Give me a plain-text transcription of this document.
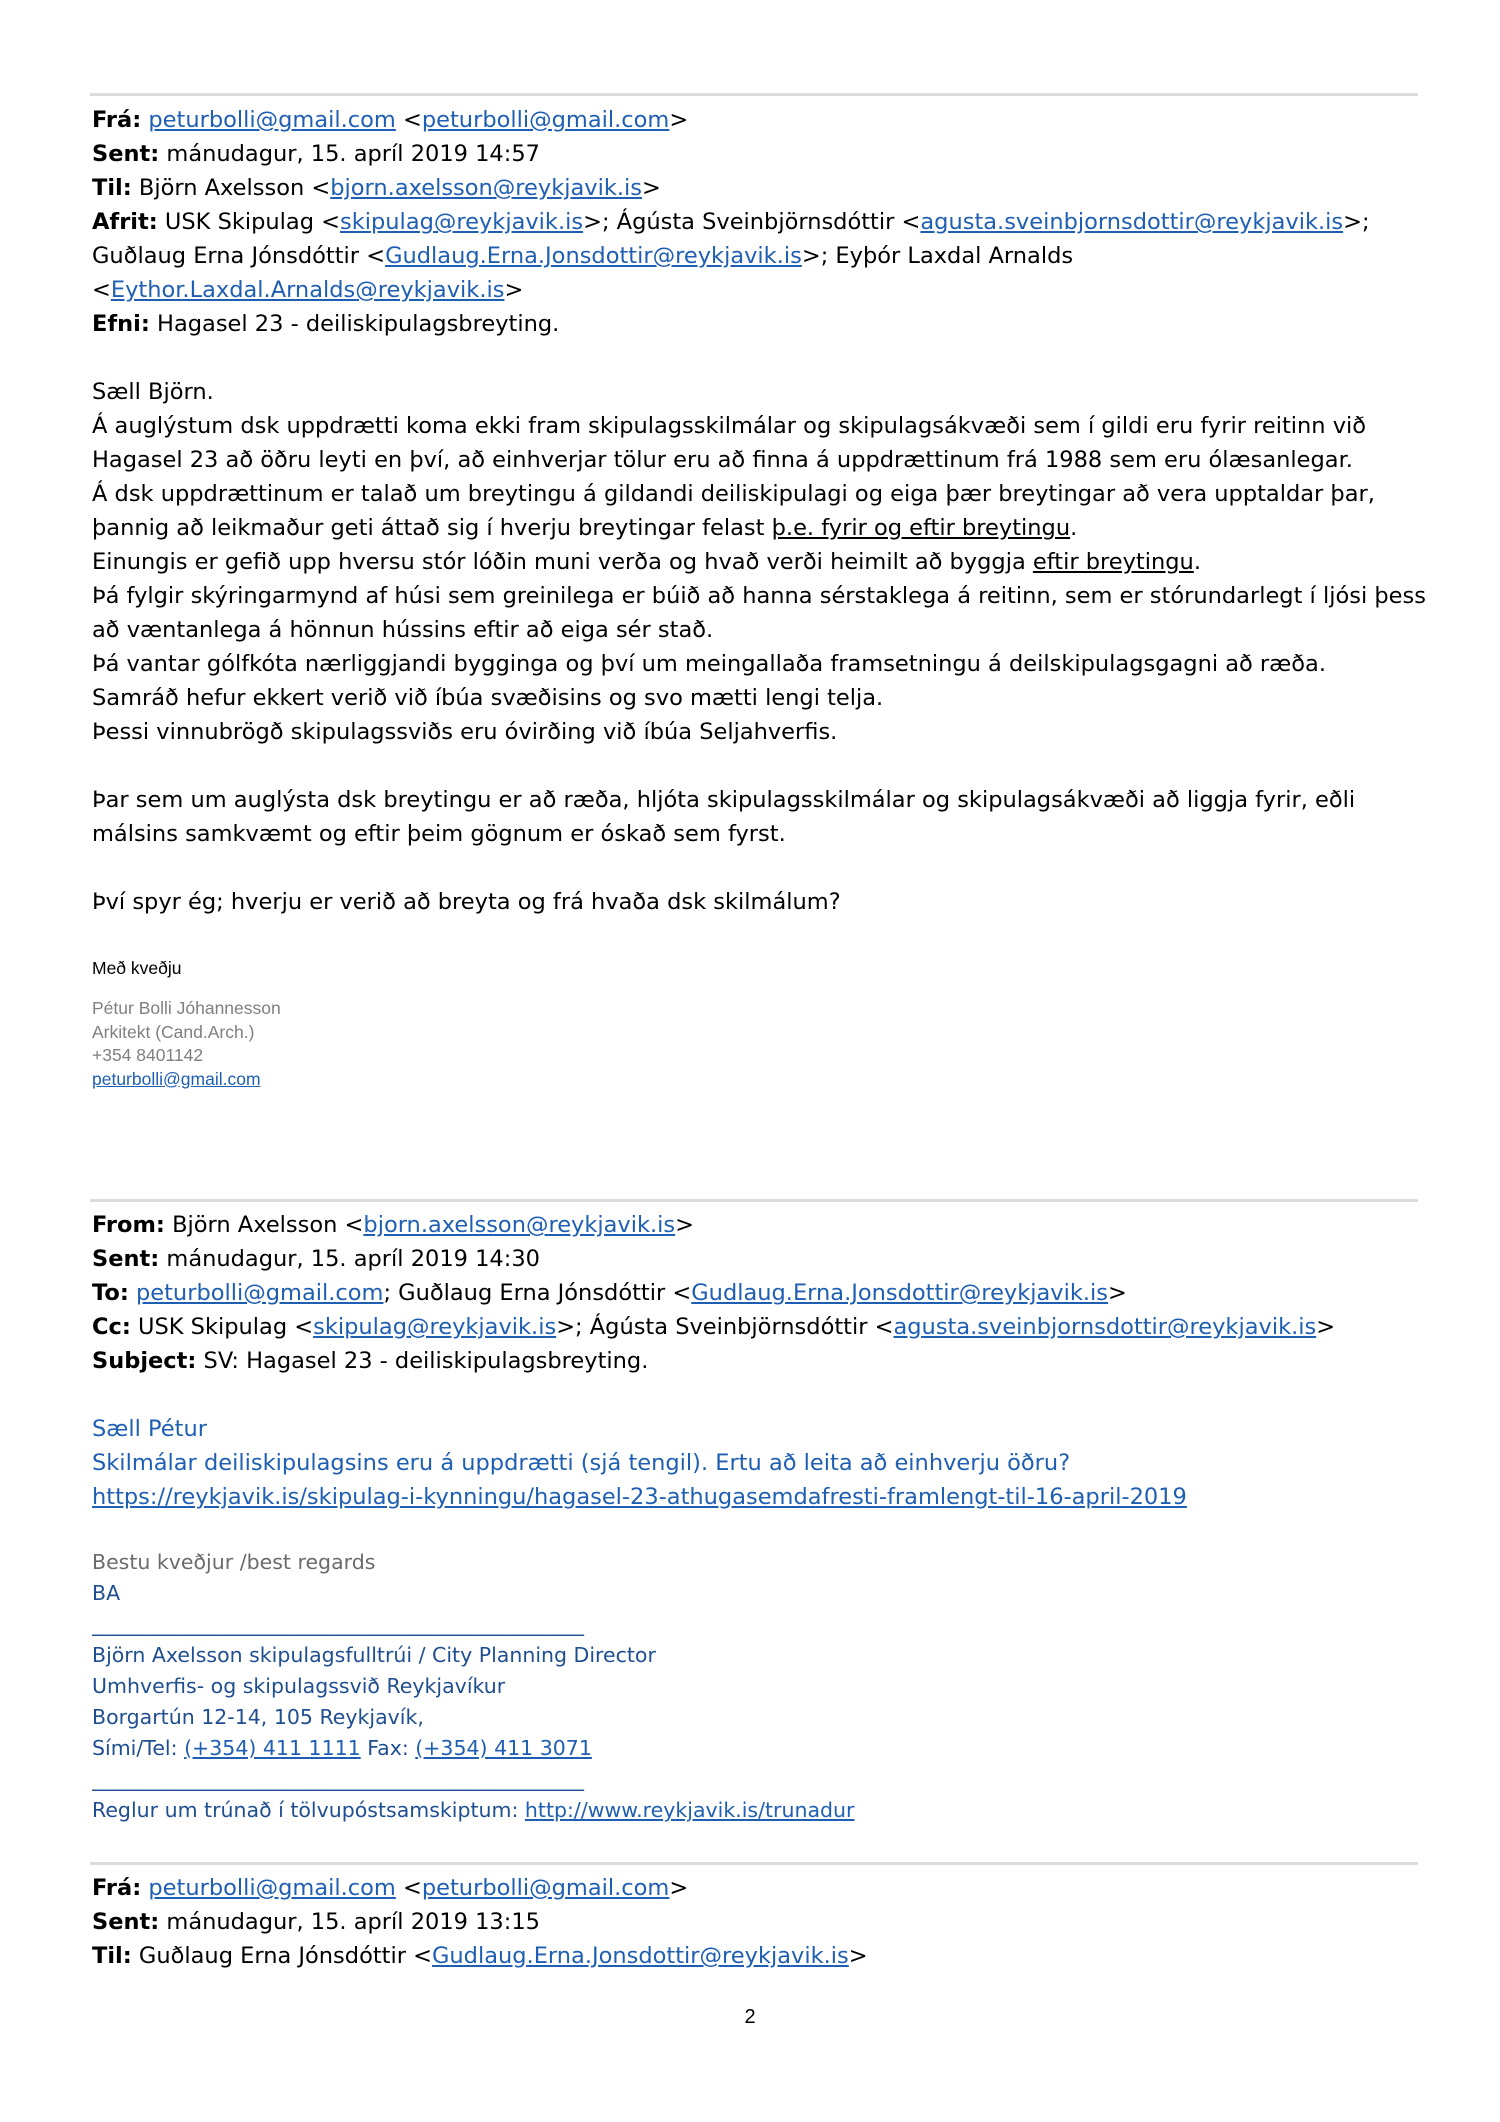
Frá: peturbolli@gmail.com <peturbolli@gmail.com>
Sent: mánudagur, 15. apríl 2019 14:57
Til: Björn Axelsson <bjorn.axelsson@reykjavik.is>
Afrit: USK Skipulag <skipulag@reykjavik.is>; Ágústa Sveinbjörnsdóttir <agusta.sveinbjornsdottir@reykjavik.is>;
Guðlaug Erna Jónsdóttir <Gudlaug.Erna.Jonsdottir@reykjavik.is>; Eyþór Laxdal Arnalds
<Eythor.Laxdal.Arnalds@reykjavik.is>
Efni: Hagasel 23 - deiliskipulagsbreyting.
Sæll Björn.
Á auglýstum dsk uppdrætti koma ekki fram skipulagsskilmálar og skipulagsákvæði sem í gildi eru fyrir reitinn við
Hagasel 23 að öðru leyti en því, að einhverjar tölur eru að finna á uppdrættinum frá 1988 sem eru ólæsanlegar.
Á dsk uppdrættinum er talað um breytingu á gildandi deiliskipulagi og eiga þær breytingar að vera upptaldar þar,
þannig að leikmaður geti áttað sig í hverju breytingar felast þ.e. fyrir og eftir breytingu.
Einungis er gefið upp hversu stór lóðin muni verða og hvað verði heimilt að byggja eftir breytingu.
Þá fylgir skýringarmynd af húsi sem greinilega er búið að hanna sérstaklega á reitinn, sem er stórundarlegt í ljósi þess
að væntanlega á hönnun hússins eftir að eiga sér stað.
Þá vantar gólfkóta nærliggjandi bygginga og því um meingallaða framsetningu á deilskipulagsgagni að ræða.
Samráð hefur ekkert verið við íbúa svæðisins og svo mætti lengi telja.
Þessi vinnubrögð skipulagssviðs eru óvirðing við íbúa Seljahverfis.
Þar sem um auglýsta dsk breytingu er að ræða, hljóta skipulagsskilmálar og skipulagsákvæði að liggja fyrir, eðli
málsins samkvæmt og eftir þeim gögnum er óskað sem fyrst.
Því spyr ég; hverju er verið að breyta og frá hvaða dsk skilmálum?
Með kveðju
Pétur Bolli Jóhannesson
Arkitekt (Cand.Arch.)
+354 8401142
peturbolli@gmail.com
From: Björn Axelsson <bjorn.axelsson@reykjavik.is>
Sent: mánudagur, 15. apríl 2019 14:30
To: peturbolli@gmail.com; Guðlaug Erna Jónsdóttir <Gudlaug.Erna.Jonsdottir@reykjavik.is>
Cc: USK Skipulag <skipulag@reykjavik.is>; Ágústa Sveinbjörnsdóttir <agusta.sveinbjornsdottir@reykjavik.is>
Subject: SV: Hagasel 23 - deiliskipulagsbreyting.
Sæll Pétur
Skilmálar deiliskipulagsins eru á uppdrætti (sjá tengil). Ertu að leita að einhverju öðru?
https://reykjavik.is/skipulag-i-kynningu/hagasel-23-athugasemdafresti-framlengt-til-16-april-2019
Bestu kveðjur /best regards
BA
________________________________________________
Björn Axelsson skipulagsfulltrúi / City Planning Director
Umhverfis- og skipulagssvið Reykjavíkur
Borgartún 12-14, 105 Reykjavík,
Sími/Tel: (+354) 411 1111 Fax: (+354) 411 3071
________________________________________________
Reglur um trúnað í tölvupóstsamskiptum: http://www.reykjavik.is/trunadur
Frá: peturbolli@gmail.com <peturbolli@gmail.com>
Sent: mánudagur, 15. apríl 2019 13:15
Til: Guðlaug Erna Jónsdóttir <Gudlaug.Erna.Jonsdottir@reykjavik.is>
2
